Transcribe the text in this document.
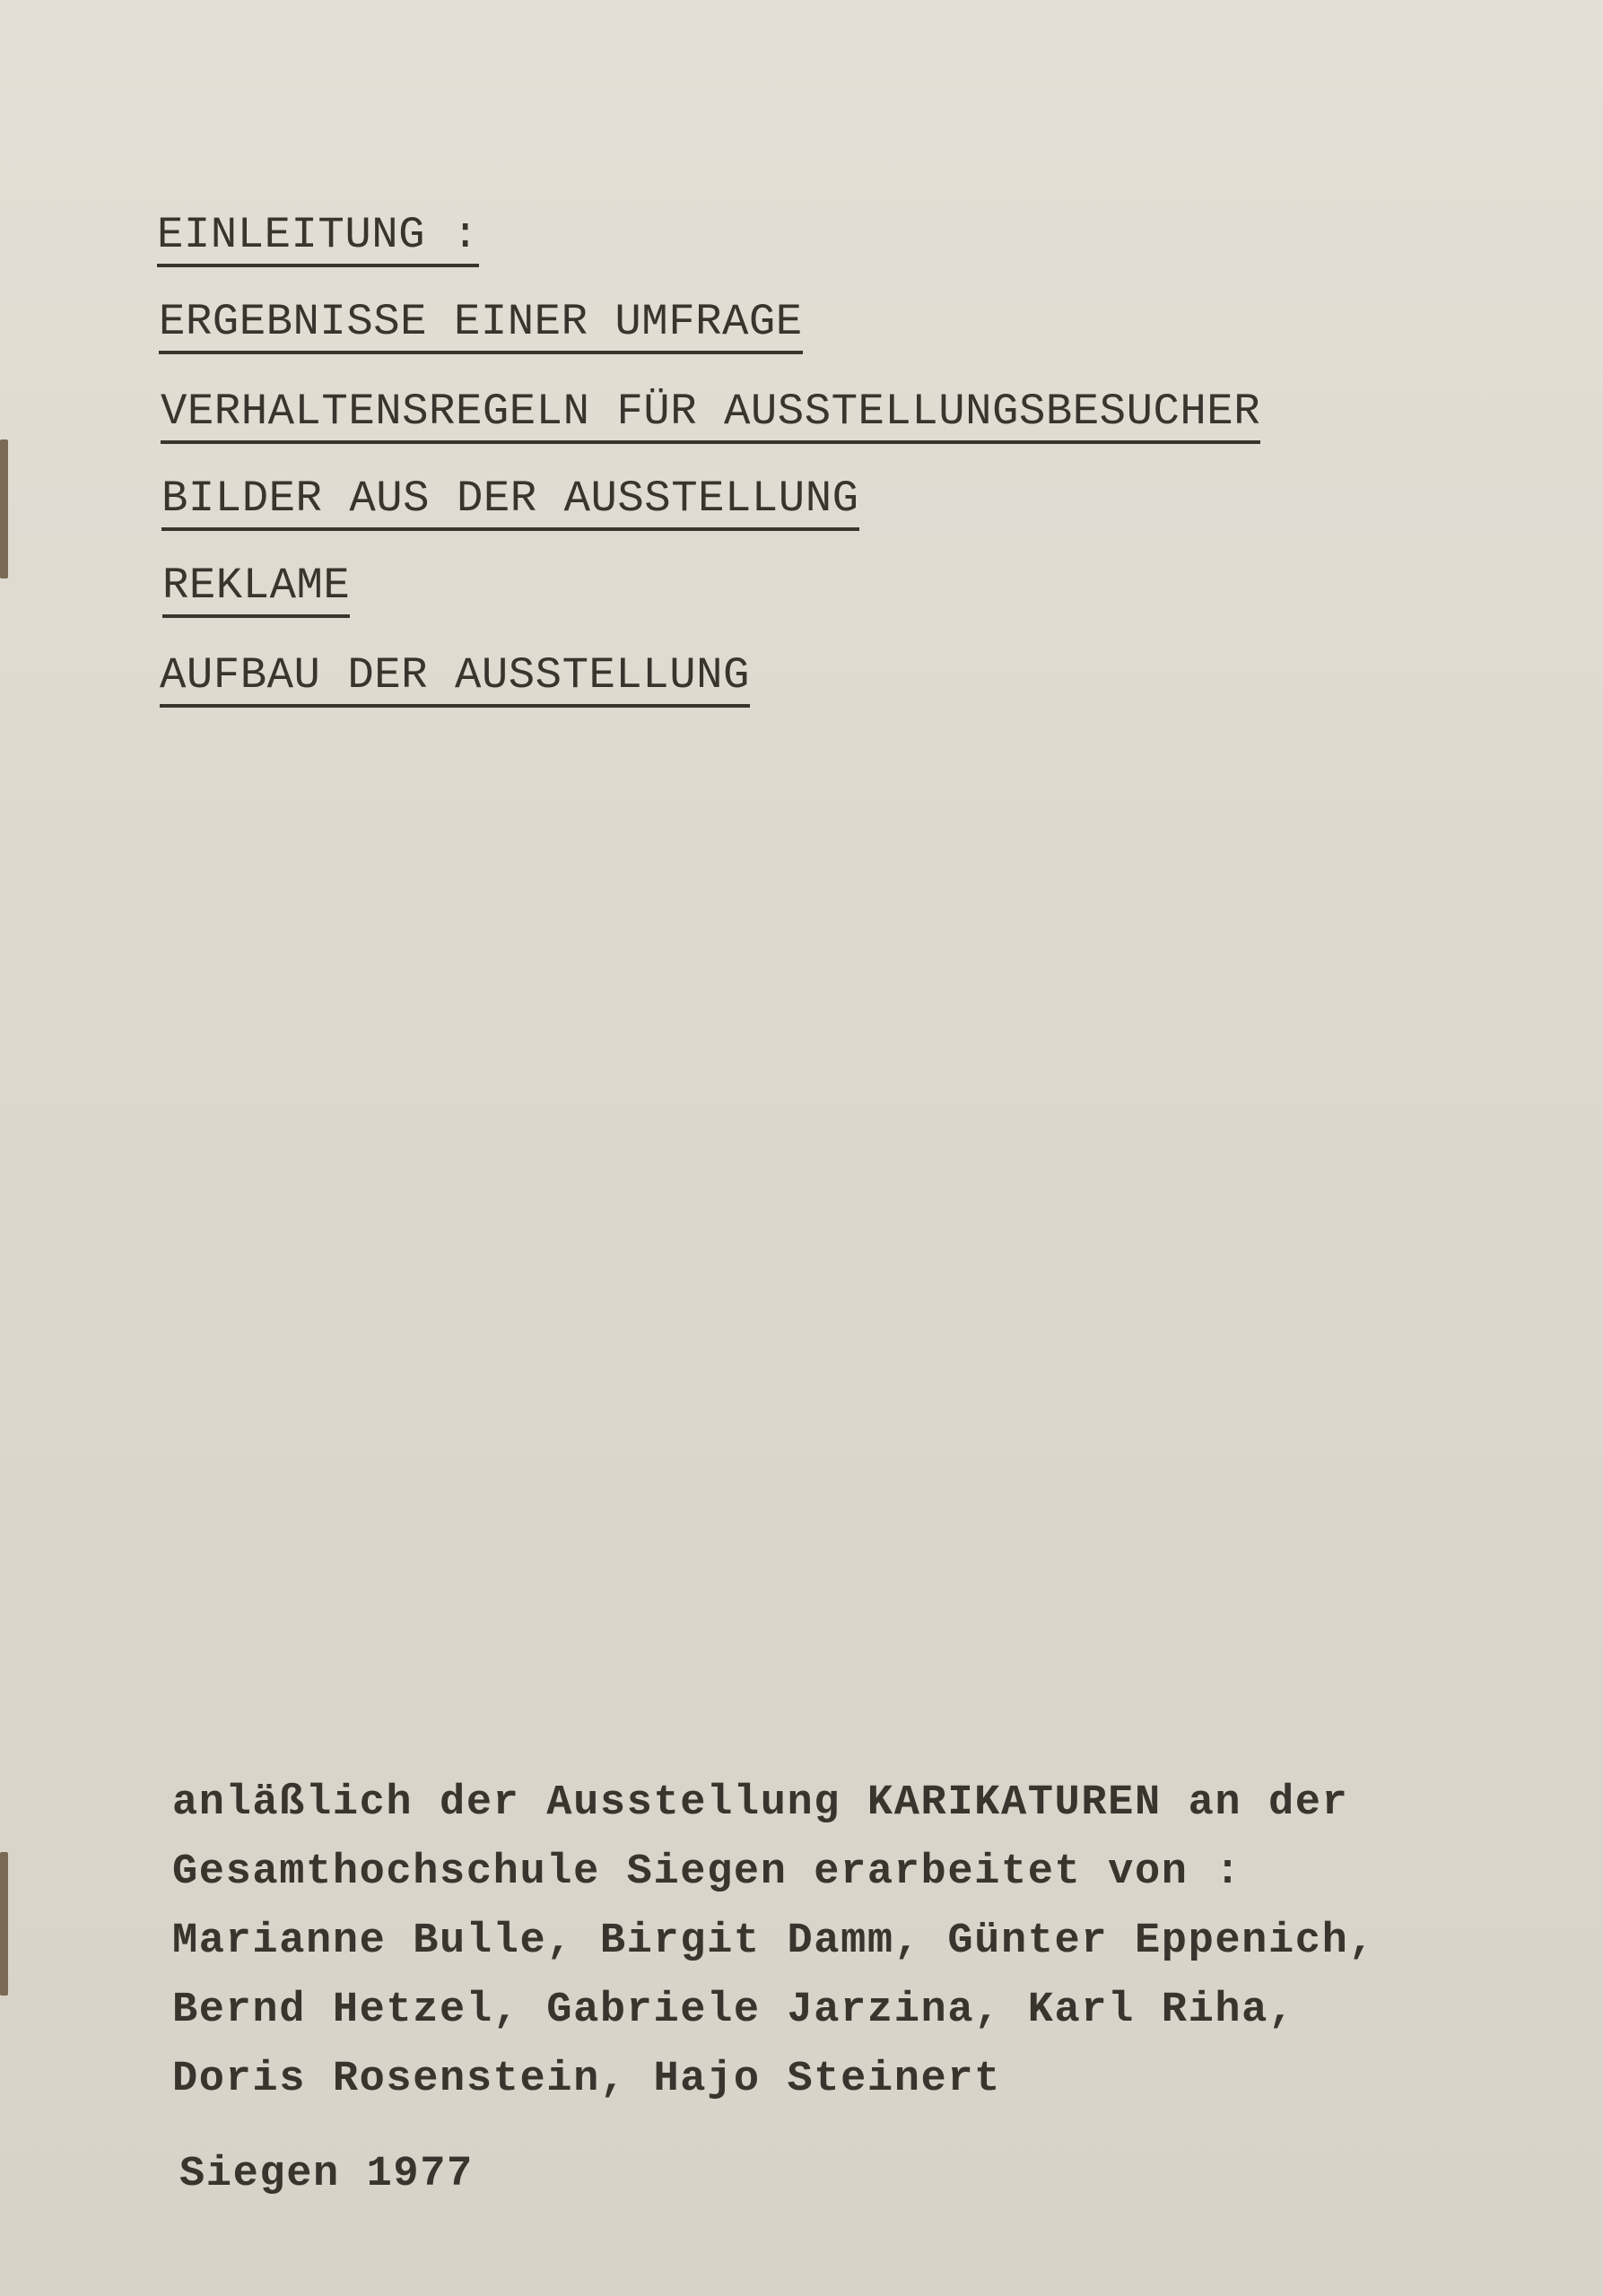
EINLEITUNG :
ERGEBNISSE EINER UMFRAGE
VERHALTENSREGELN FÜR AUSSTELLUNGSBESUCHER
BILDER AUS DER AUSSTELLUNG
REKLAME
AUFBAU DER AUSSTELLUNG
anläßlich der Ausstellung KARIKATUREN an der
Gesamthochschule Siegen erarbeitet von :
Marianne Bulle, Birgit Damm, Günter Eppenich,
Bernd Hetzel, Gabriele Jarzina, Karl Riha,
Doris Rosenstein, Hajo Steinert
Siegen 1977
